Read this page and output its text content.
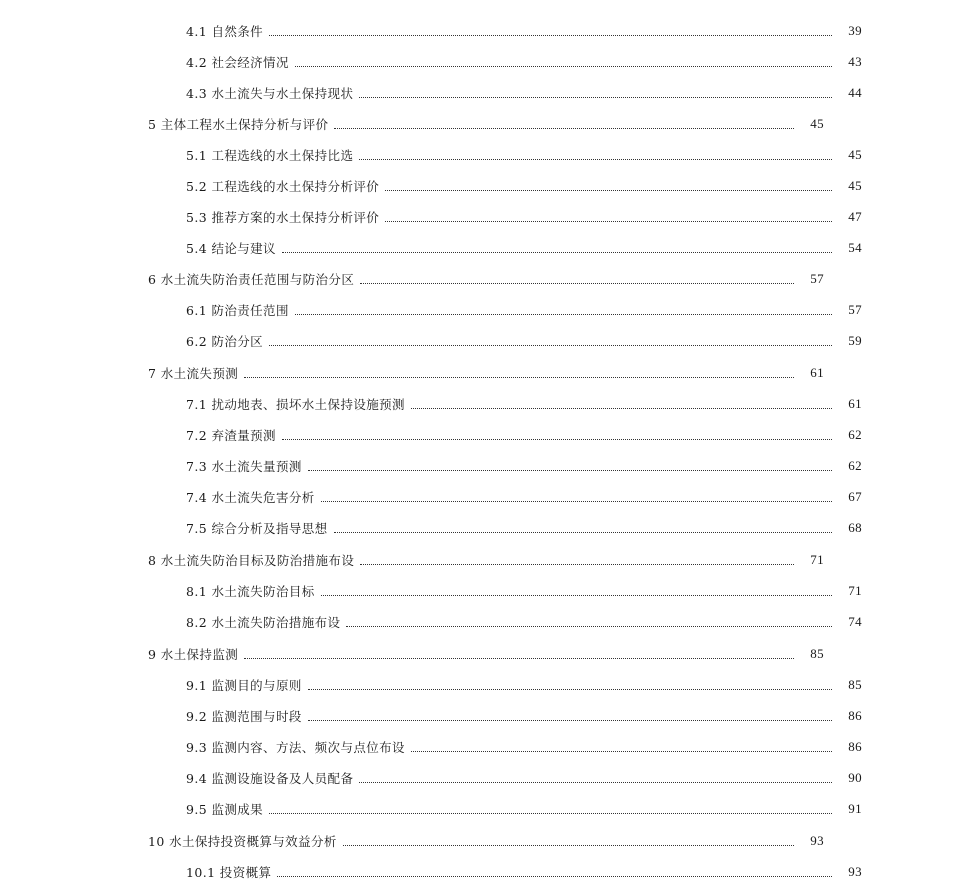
4.1 自然条件	39
4.2 社会经济情况	43
4.3 水土流失与水土保持现状	44
5 主体工程水土保持分析与评价	45
5.1 工程选线的水土保持比选	45
5.2 工程选线的水土保持分析评价	45
5.3 推荐方案的水土保持分析评价	47
5.4 结论与建议	54
6 水土流失防治责任范围与防治分区	57
6.1 防治责任范围	57
6.2 防治分区	59
7 水土流失预测	61
7.1 扰动地表、损坏水土保持设施预测	61
7.2 弃渣量预测	62
7.3 水土流失量预测	62
7.4 水土流失危害分析	67
7.5 综合分析及指导思想	68
8 水土流失防治目标及防治措施布设	71
8.1 水土流失防治目标	71
8.2 水土流失防治措施布设	74
9 水土保持监测	85
9.1 监测目的与原则	85
9.2 监测范围与时段	86
9.3 监测内容、方法、频次与点位布设	86
9.4 监测设施设备及人员配备	90
9.5 监测成果	91
10 水土保持投资概算与效益分析	93
10.1 投资概算	93
